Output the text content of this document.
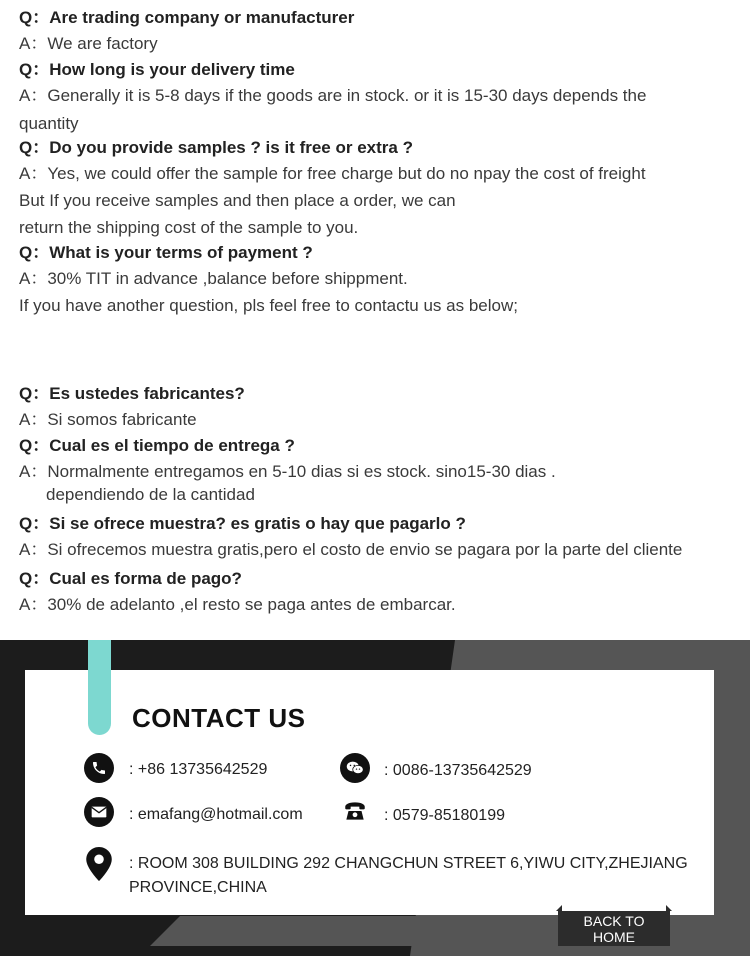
Q：Are trading company or manufacturer
A：We are factory
Q：How long is your delivery time
A：Generally it is 5-8 days if the goods are in stock. or it is 15-30 days depends the
quantity
Q：Do you provide samples ? is it free or extra ?
A：Yes, we could offer the sample for free charge but do no npay the cost of freight
But If you receive samples and then place a order, we can
return the shipping cost of the sample to you.
Q：What is your terms of payment ?
A：30% TIT in advance ,balance before shippment.
If you have another question, pls feel free to contactu us as below;
Q：Es ustedes fabricantes?
A：Si somos fabricante
Q：Cual es el tiempo de entrega ?
A：Normalmente entregamos en 5-10 dias si es stock. sino15-30 dias .
dependiendo de la cantidad
Q：Si se ofrece muestra? es gratis o hay que pagarlo ?
A：Si ofrecemos muestra gratis,pero el costo de envio se pagara por la parte del cliente
Q：Cual es forma de pago?
A：30% de adelanto ,el resto se paga antes de embarcar.
CONTACT US
: +86 13735642529	: 0086-13735642529
: emafang@hotmail.com	: 0579-85180199
: ROOM 308 BUILDING 292 CHANGCHUN STREET 6,YIWU CITY,ZHEJIANG PROVINCE,CHINA
BACK TO HOME
